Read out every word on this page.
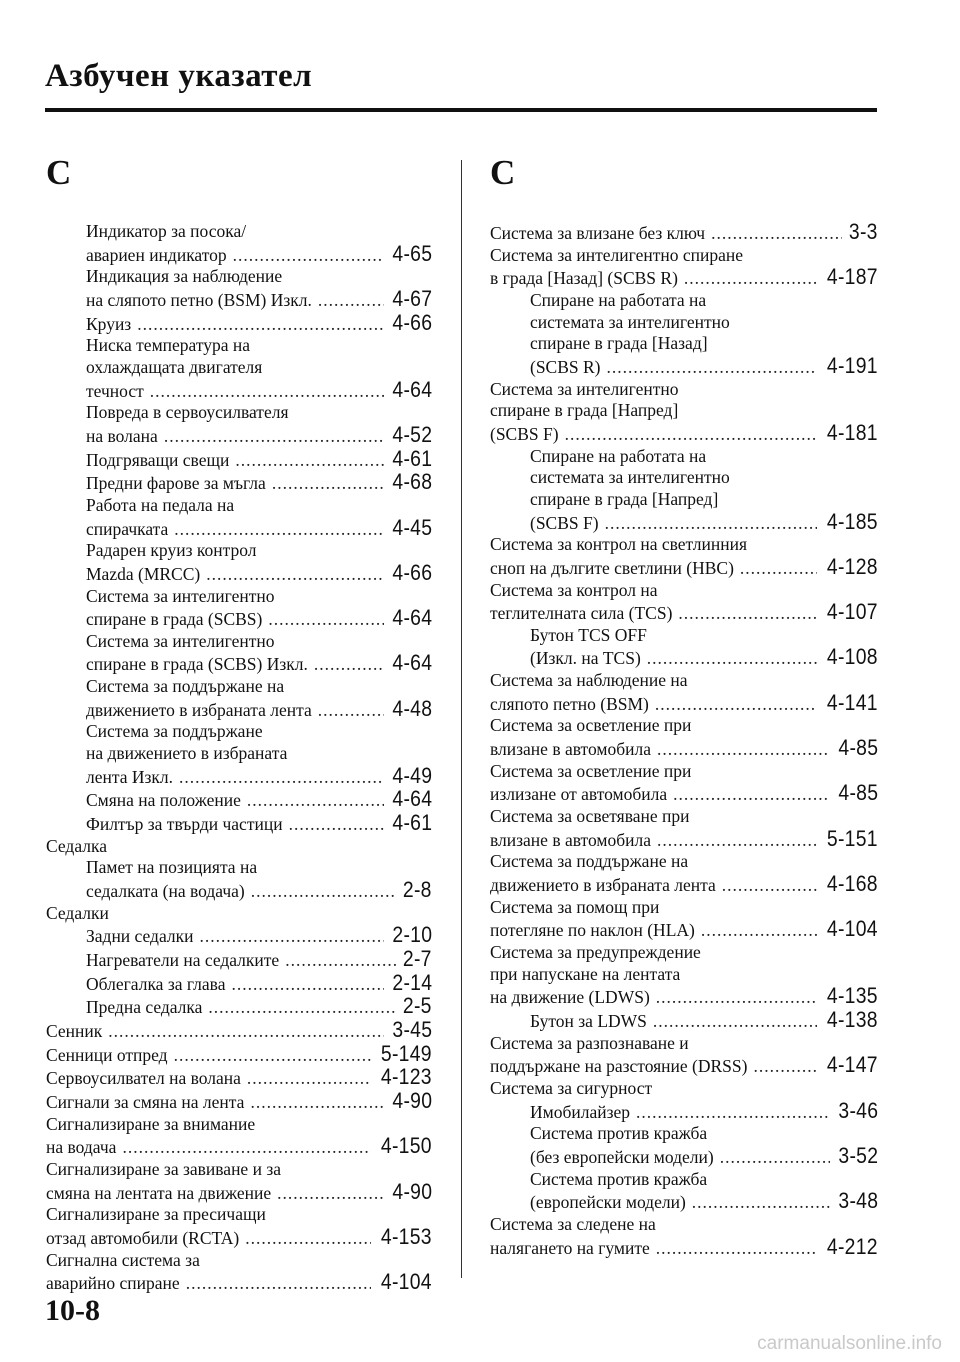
Азбучен указател
С
Индикатор за посока/
авариен индикатор .....	4-65
Индикация за наблюдение
на сляпото петно (BSM) Изкл. .....	4-67
Круиз .....	4-66
Ниска температура на
охлаждащата двигателя
течност .....	4-64
Повреда в сервоусилвателя
на волана .....	4-52
Подгряващи свещи .....	4-61
Предни фарове за мъгла .....	4-68
Работа на педала на
спирачката .....	4-45
Радарен круиз контрол
Mazda (MRCC) .....	4-66
Система за интелигентно
спиране в града (SCBS) .....	4-64
Система за интелигентно
спиране в града (SCBS) Изкл. .....	4-64
Система за поддържане на
движението в избраната лента .....	4-48
Система за поддържане
на движението в избраната
лента Изкл. .....	4-49
Смяна на положение .....	4-64
Филтър за твърди частици .....	4-61
Седалка
Памет на позицията на
седалката (на водача) .....	2-8
Седалки
Задни седалки .....	2-10
Нагреватели на седалките .....	2-7
Облегалка за глава .....	2-14
Предна седалка .....	2-5
Сенник .....	3-45
Сенници отпред .....	5-149
Сервоусилвател на волана .....	4-123
Сигнали за смяна на лента .....	4-90
Сигнализиране за внимание
на водача .....	4-150
Сигнализиране за завиване и за
смяна на лентата на движение .....	4-90
Сигнализиране за пресичащи
отзад автомобили (RCTA) .....	4-153
Сигнална система за
аварийно спиране .....	4-104
С
Система за влизане без ключ .....	3-3
Система за интелигентно спиране
в града [Назад] (SCBS R) .....	4-187
Спиране на работата на
системата за интелигентно
спиране в града [Назад]
(SCBS R) .....	4-191
Система за интелигентно
спиране в града [Напред]
(SCBS F) .....	4-181
Спиране на работата на
системата за интелигентно
спиране в града [Напред]
(SCBS F) .....	4-185
Система за контрол на светлинния
сноп на дългите светлини (HBC) .....	4-128
Система за контрол на
теглителната сила (TCS) .....	4-107
Бутон TCS OFF
(Изкл. на TCS) .....	4-108
Система за наблюдение на
сляпото петно (BSM) .....	4-141
Система за осветление при
влизане в автомобила .....	4-85
Система за осветление при
излизане от автомобила .....	4-85
Система за осветяване при
влизане в автомобила .....	5-151
Система за поддържане на
движението в избраната лента .....	4-168
Система за помощ при
потегляне по наклон (HLA) .....	4-104
Система за предупреждение
при напускане на лентата
на движение (LDWS) .....	4-135
Бутон за LDWS .....	4-138
Система за разпознаване и
поддържане на разстояние (DRSS) .....	4-147
Система за сигурност
Имобилайзер .....	3-46
Система против кражба
(без европейски модели) .....	3-52
Система против кражба
(европейски модели) .....	3-48
Система за следене на
налягането на гумите .....	4-212
10-8
carmanualsonline.info
